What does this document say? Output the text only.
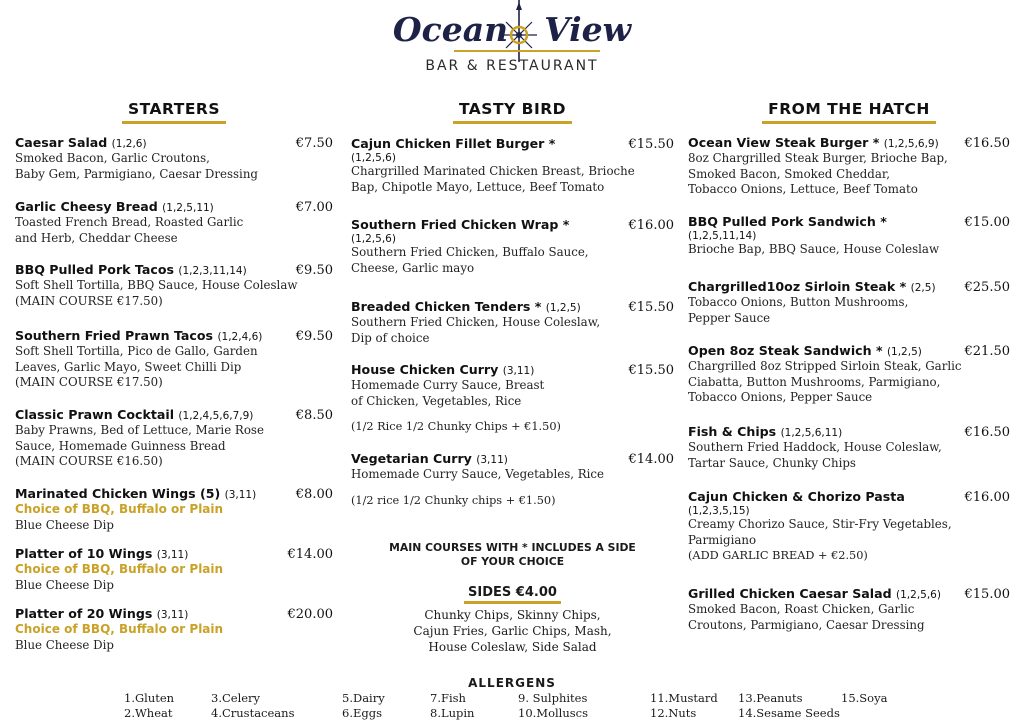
Ocean View
BAR & RESTAURANT
STARTERS
Caesar Salad (1,2,6)	€7.50
Smoked Bacon, Garlic Croutons,
Baby Gem, Parmigiano, Caesar Dressing
Garlic Cheesy Bread (1,2,5,11)	€7.00
Toasted French Bread, Roasted Garlic
and Herb, Cheddar Cheese
BBQ Pulled Pork Tacos (1,2,3,11,14)	€9.50
Soft Shell Tortilla, BBQ Sauce, House Coleslaw
(MAIN COURSE €17.50)
Southern Fried Prawn Tacos (1,2,4,6)	€9.50
Soft Shell Tortilla, Pico de Gallo, Garden
Leaves, Garlic Mayo, Sweet Chilli Dip
(MAIN COURSE €17.50)
Classic Prawn Cocktail (1,2,4,5,6,7,9)	€8.50
Baby Prawns, Bed of Lettuce, Marie Rose
Sauce, Homemade Guinness Bread
(MAIN COURSE €16.50)
Marinated Chicken Wings (5) (3,11)	€8.00
Choice of BBQ, Buffalo or Plain
Blue Cheese Dip
Platter of 10 Wings (3,11)	€14.00
Choice of BBQ, Buffalo or Plain
Blue Cheese Dip
Platter of 20 Wings (3,11)	€20.00
Choice of BBQ, Buffalo or Plain
Blue Cheese Dip
TASTY BIRD
Cajun Chicken Fillet Burger *	€15.50
(1,2,5,6)
Chargrilled Marinated Chicken Breast, Brioche
Bap, Chipotle Mayo, Lettuce, Beef Tomato
Southern Fried Chicken Wrap *	€16.00
(1,2,5,6)
Southern Fried Chicken, Buffalo Sauce,
Cheese, Garlic mayo
Breaded Chicken Tenders * (1,2,5)	€15.50
Southern Fried Chicken, House Coleslaw,
Dip of choice
House Chicken Curry (3,11)	€15.50
Homemade Curry Sauce, Breast
of Chicken, Vegetables, Rice
(1/2 Rice 1/2 Chunky Chips + €1.50)
Vegetarian Curry (3,11)	€14.00
Homemade Curry Sauce, Vegetables, Rice
(1/2 rice 1/2 Chunky chips + €1.50)
MAIN COURSES WITH * INCLUDES A SIDE
OF YOUR CHOICE
SIDES €4.00
Chunky Chips, Skinny Chips,
Cajun Fries, Garlic Chips, Mash,
House Coleslaw, Side Salad
FROM THE HATCH
Ocean View Steak Burger * (1,2,5,6,9) €16.50
8oz Chargrilled Steak Burger, Brioche Bap,
Smoked Bacon, Smoked Cheddar,
Tobacco Onions, Lettuce, Beef Tomato
BBQ Pulled Pork Sandwich *	€15.00
(1,2,5,11,14)
Brioche Bap, BBQ Sauce, House Coleslaw
Chargrilled10oz Sirloin Steak * (2,5) €25.50
Tobacco Onions, Button Mushrooms,
Pepper Sauce
Open 8oz Steak Sandwich * (1,2,5)	€21.50
Chargrilled 8oz Stripped Sirloin Steak, Garlic
Ciabatta, Button Mushrooms, Parmigiano,
Tobacco Onions, Pepper Sauce
Fish & Chips (1,2,5,6,11)	€16.50
Southern Fried Haddock, House Coleslaw,
Tartar Sauce, Chunky Chips
Cajun Chicken & Chorizo Pasta	€16.00
(1,2,3,5,15)
Creamy Chorizo Sauce, Stir-Fry Vegetables,
Parmigiano
(ADD GARLIC BREAD + €2.50)
Grilled Chicken Caesar Salad (1,2,5,6) €15.00
Smoked Bacon, Roast Chicken, Garlic
Croutons, Parmigiano, Caesar Dressing
ALLERGENS
1.Gluten
2.Wheat
3.Celery
4.Crustaceans
5.Dairy
6.Eggs
7.Fish
8.Lupin
9. Sulphites
10.Molluscs
11.Mustard
12.Nuts
13.Peanuts
14.Sesame Seeds
15.Soya
